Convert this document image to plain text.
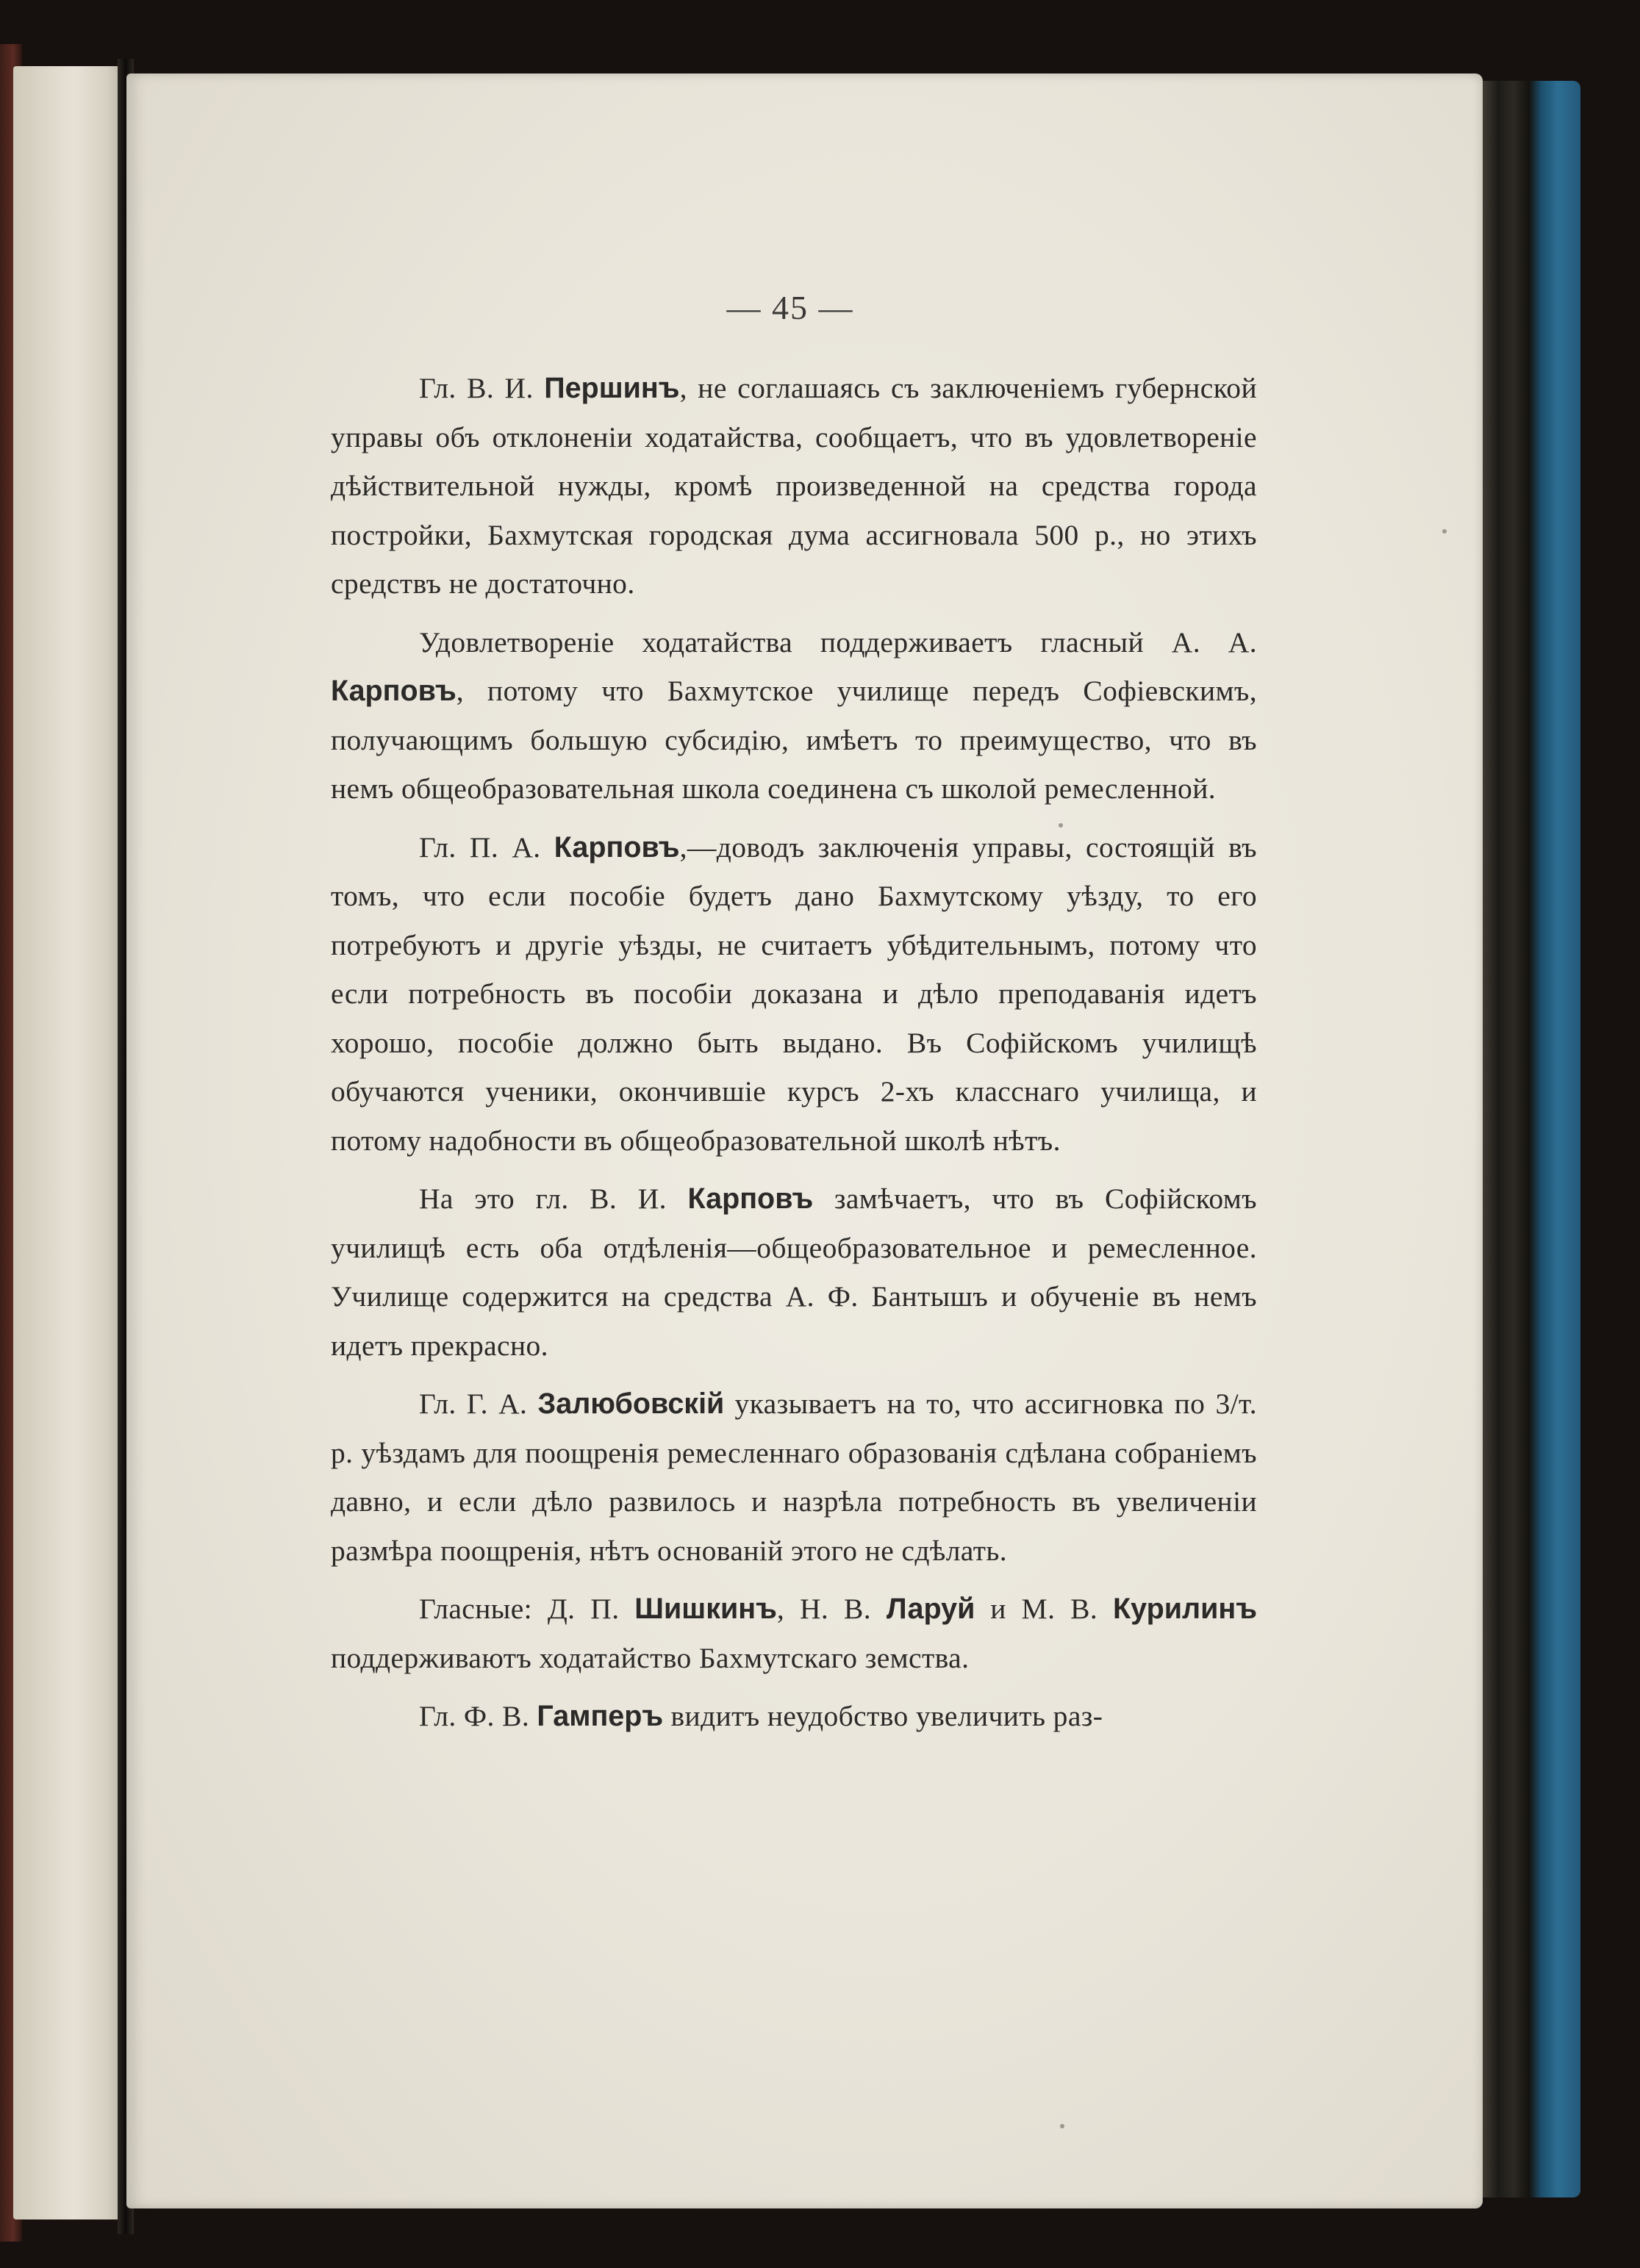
— 45 —

Гл. В. И. Першинъ, не соглашаясь съ заключеніемъ губернской управы объ отклоненіи ходатайства, сообщаетъ, что въ удовлетвореніе дѣйствительной нужды, кромѣ произведенной на средства города постройки, Бахмутская городская дума ассигновала 500 р., но этихъ средствъ не достаточно.

Удовлетвореніе ходатайства поддерживаетъ гласный А. А. Карповъ, потому что Бахмутское училище передъ Софіевскимъ, получающимъ большую субсидію, имѣетъ то преимущество, что въ немъ общеобразовательная школа соединена съ школой ремесленной.

Гл. П. А. Карповъ,—доводъ заключенія управы, состоящій въ томъ, что если пособіе будетъ дано Бахмутскому уѣзду, то его потребуютъ и другіе уѣзды, не считаетъ убѣдительнымъ, потому что если потребность въ пособіи доказана и дѣло преподаванія идетъ хорошо, пособіе должно быть выдано. Въ Софійскомъ училищѣ обучаются ученики, окончившіе курсъ 2-хъ класснаго училища, и потому надобности въ общеобразовательной школѣ нѣтъ.

На это гл. В. И. Карповъ замѣчаетъ, что въ Софійскомъ училищѣ есть оба отдѣленія—общеобразовательное и ремесленное. Училище содержится на средства А. Ф. Бантышъ и обученіе въ немъ идетъ прекрасно.

Гл. Г. А. Залюбовскій указываетъ на то, что ассигновка по 3/т. р. уѣздамъ для поощренія ремесленнаго образованія сдѣлана собраніемъ давно, и если дѣло развилось и назрѣла потребность въ увеличеніи размѣра поощренія, нѣтъ основаній этого не сдѣлать.

Гласные: Д. П. Шишкинъ, Н. В. Ларуй и М. В. Курилинъ поддерживаютъ ходатайство Бахмутскаго земства.

Гл. Ф. В. Гамперъ видитъ неудобство увеличить раз-
